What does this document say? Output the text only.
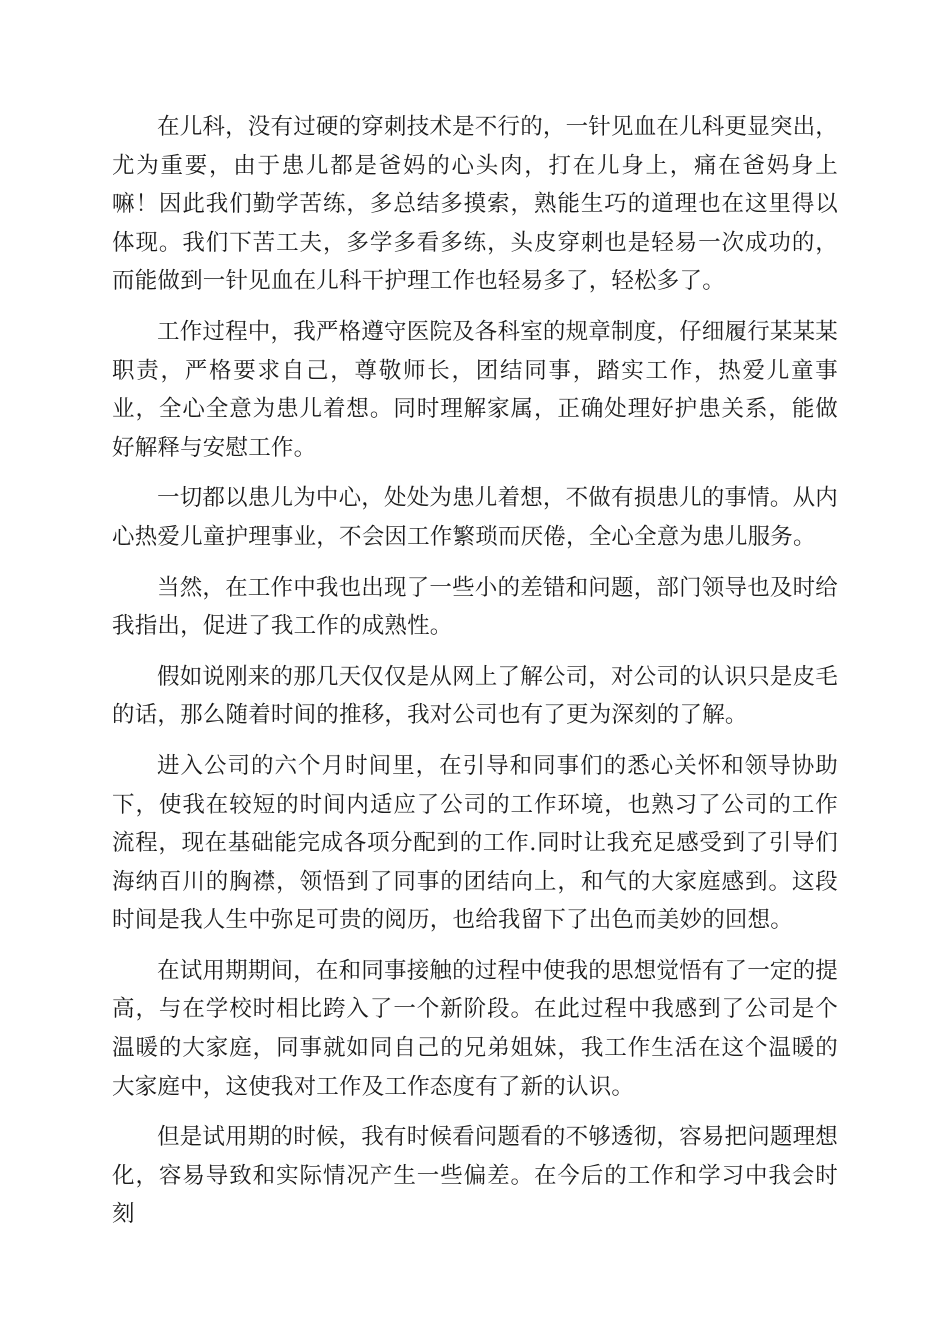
在儿科，没有过硬的穿刺技术是不行的，一针见血在儿科更显突出，尤为重要，由于患儿都是爸妈的心头肉，打在儿身上，痛在爸妈身上嘛！因此我们勤学苦练，多总结多摸索，熟能生巧的道理也在这里得以体现。我们下苦工夫，多学多看多练，头皮穿刺也是轻易一次成功的，而能做到一针见血在儿科干护理工作也轻易多了，轻松多了。

工作过程中，我严格遵守医院及各科室的规章制度，仔细履行某某某职责，严格要求自己，尊敬师长，团结同事，踏实工作，热爱儿童事业，全心全意为患儿着想。同时理解家属，正确处理好护患关系，能做好解释与安慰工作。

一切都以患儿为中心，处处为患儿着想，不做有损患儿的事情。从内心热爱儿童护理事业，不会因工作繁琐而厌倦，全心全意为患儿服务。

当然，在工作中我也出现了一些小的差错和问题，部门领导也及时给我指出，促进了我工作的成熟性。

假如说刚来的那几天仅仅是从网上了解公司，对公司的认识只是皮毛的话，那么随着时间的推移，我对公司也有了更为深刻的了解。

进入公司的六个月时间里，在引导和同事们的悉心关怀和领导协助下，使我在较短的时间内适应了公司的工作环境，也熟习了公司的工作流程，现在基础能完成各项分配到的工作.同时让我充足感受到了引导们海纳百川的胸襟，领悟到了同事的团结向上，和气的大家庭感到。这段时间是我人生中弥足可贵的阅历，也给我留下了出色而美妙的回想。

在试用期期间，在和同事接触的过程中使我的思想觉悟有了一定的提高，与在学校时相比跨入了一个新阶段。在此过程中我感到了公司是个温暖的大家庭，同事就如同自己的兄弟姐妹，我工作生活在这个温暖的大家庭中，这使我对工作及工作态度有了新的认识。

但是试用期的时候，我有时候看问题看的不够透彻，容易把问题理想化，容易导致和实际情况产生一些偏差。在今后的工作和学习中我会时刻
